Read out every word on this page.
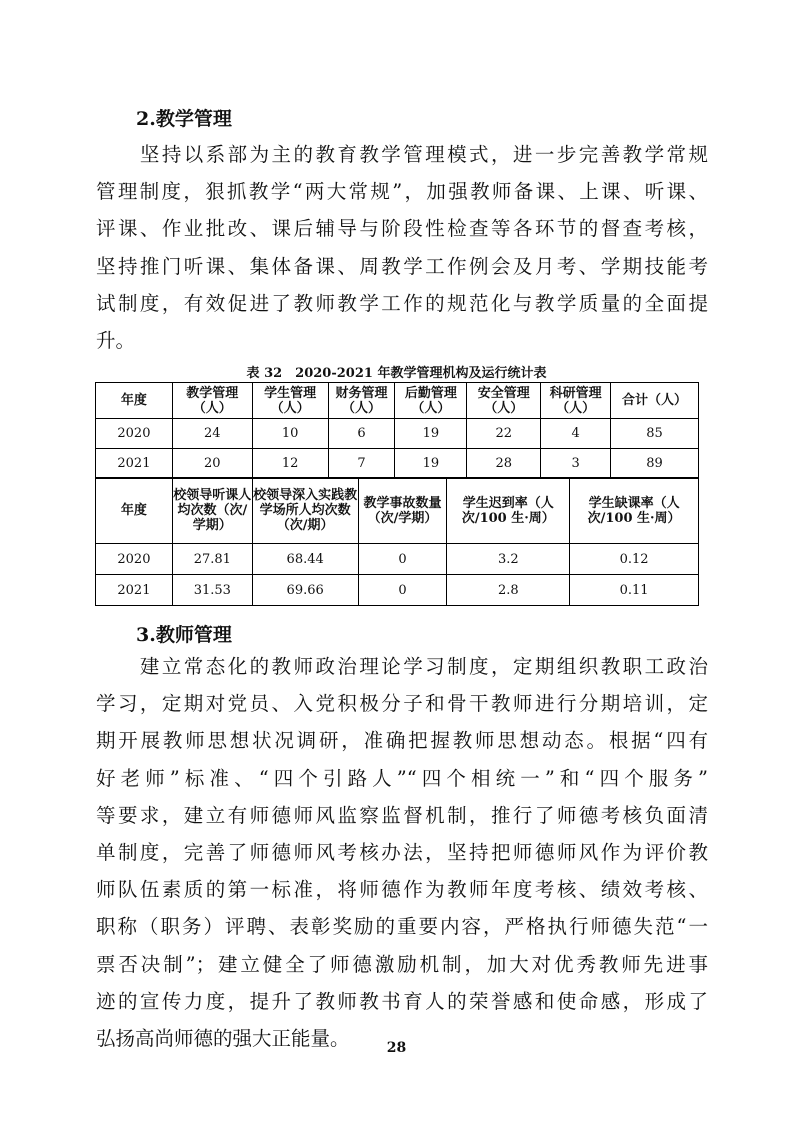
2.教学管理
　　坚持以系部为主的教育教学管理模式，进一步完善教学常规
管理制度，狠抓教学“两大常规”，加强教师备课、上课、听课、
评课、作业批改、课后辅导与阶段性检查等各环节的督查考核，
坚持推门听课、集体备课、周教学工作例会及月考、学期技能考
试制度，有效促进了教师教学工作的规范化与教学质量的全面提
升。
表 32　2020-2021 年教学管理机构及运行统计表
年度	教学管理（人）	学生管理（人）	财务管理（人）	后勤管理（人）	安全管理（人）	科研管理（人）	合计（人）
2020	24	10	6	19	22	4	85
2021	20	12	7	19	28	3	89
年度	校领导听课人均次数（次/学期）	校领导深入实践教学场所人均次数（次/期）	教学事故数量（次/学期）	学生迟到率（人次/100 生·周）	学生缺课率（人次/100 生·周）
2020	27.81	68.44	0	3.2	0.12
2021	31.53	69.66	0	2.8	0.11
3.教师管理
　　建立常态化的教师政治理论学习制度，定期组织教职工政治
学习，定期对党员、入党积极分子和骨干教师进行分期培训，定
期开展教师思想状况调研，准确把握教师思想动态。根据“四有
好老师”标准、“四个引路人”“四个相统一”和“四个服务”
等要求，建立有师德师风监察监督机制，推行了师德考核负面清
单制度，完善了师德师风考核办法，坚持把师德师风作为评价教
师队伍素质的第一标准，将师德作为教师年度考核、绩效考核、
职称（职务）评聘、表彰奖励的重要内容，严格执行师德失范“一
票否决制”；建立健全了师德激励机制，加大对优秀教师先进事
迹的宣传力度，提升了教师教书育人的荣誉感和使命感，形成了
弘扬高尚师德的强大正能量。	28
